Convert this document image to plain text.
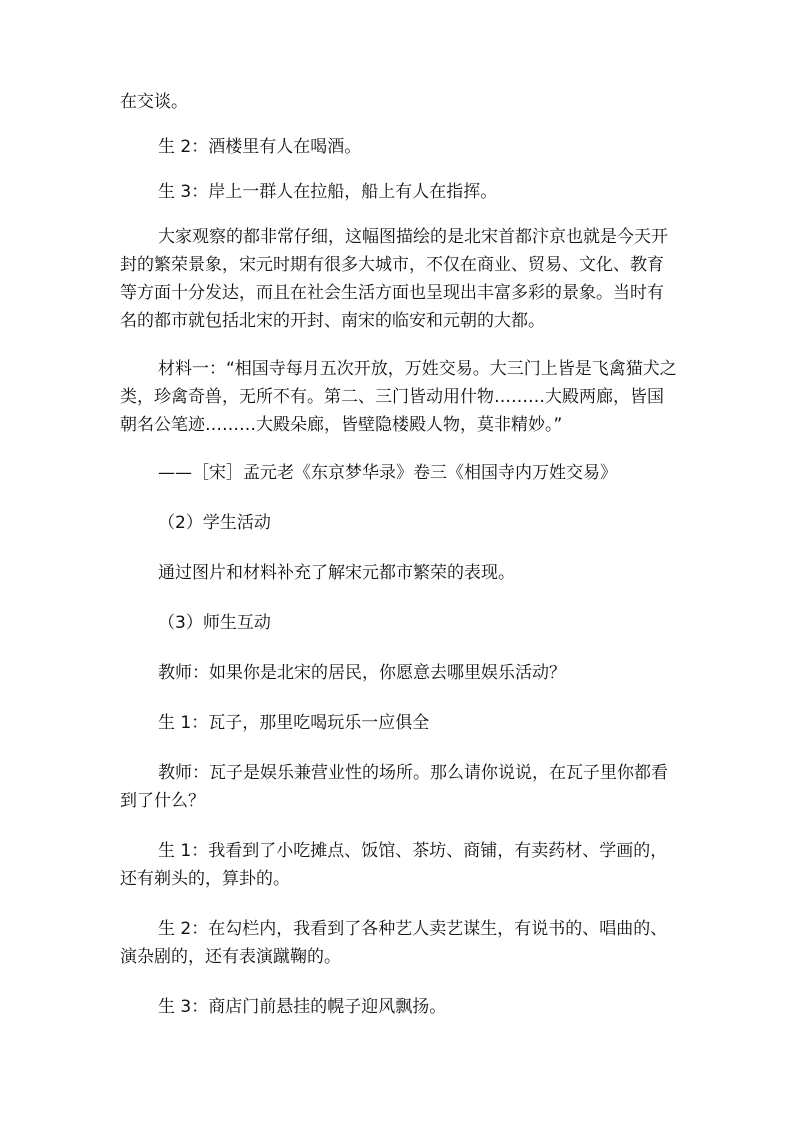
在交谈。

生 2：酒楼里有人在喝酒。

生 3：岸上一群人在拉船，船上有人在指挥。

大家观察的都非常仔细，这幅图描绘的是北宋首都汴京也就是今天开封的繁荣景象，宋元时期有很多大城市，不仅在商业、贸易、文化、教育等方面十分发达，而且在社会生活方面也呈现出丰富多彩的景象。当时有名的都市就包括北宋的开封、南宋的临安和元朝的大都。

材料一：“相国寺每月五次开放，万姓交易。大三门上皆是飞禽猫犬之类，珍禽奇兽，无所不有。第二、三门皆动用什物………大殿两廊，皆国朝名公笔迹………大殿朵廊，皆壁隐楼殿人物，莫非精妙。”

——［宋］孟元老《东京梦华录》卷三《相国寺内万姓交易》

（2）学生活动

通过图片和材料补充了解宋元都市繁荣的表现。

（3）师生互动

教师：如果你是北宋的居民，你愿意去哪里娱乐活动？

生 1：瓦子，那里吃喝玩乐一应俱全

教师：瓦子是娱乐兼营业性的场所。那么请你说说，在瓦子里你都看到了什么？

生 1：我看到了小吃摊点、饭馆、茶坊、商铺，有卖药材、学画的，还有剃头的，算卦的。

生 2：在勾栏内，我看到了各种艺人卖艺谋生，有说书的、唱曲的、演杂剧的，还有表演蹴鞠的。

生 3：商店门前悬挂的幌子迎风飘扬。
